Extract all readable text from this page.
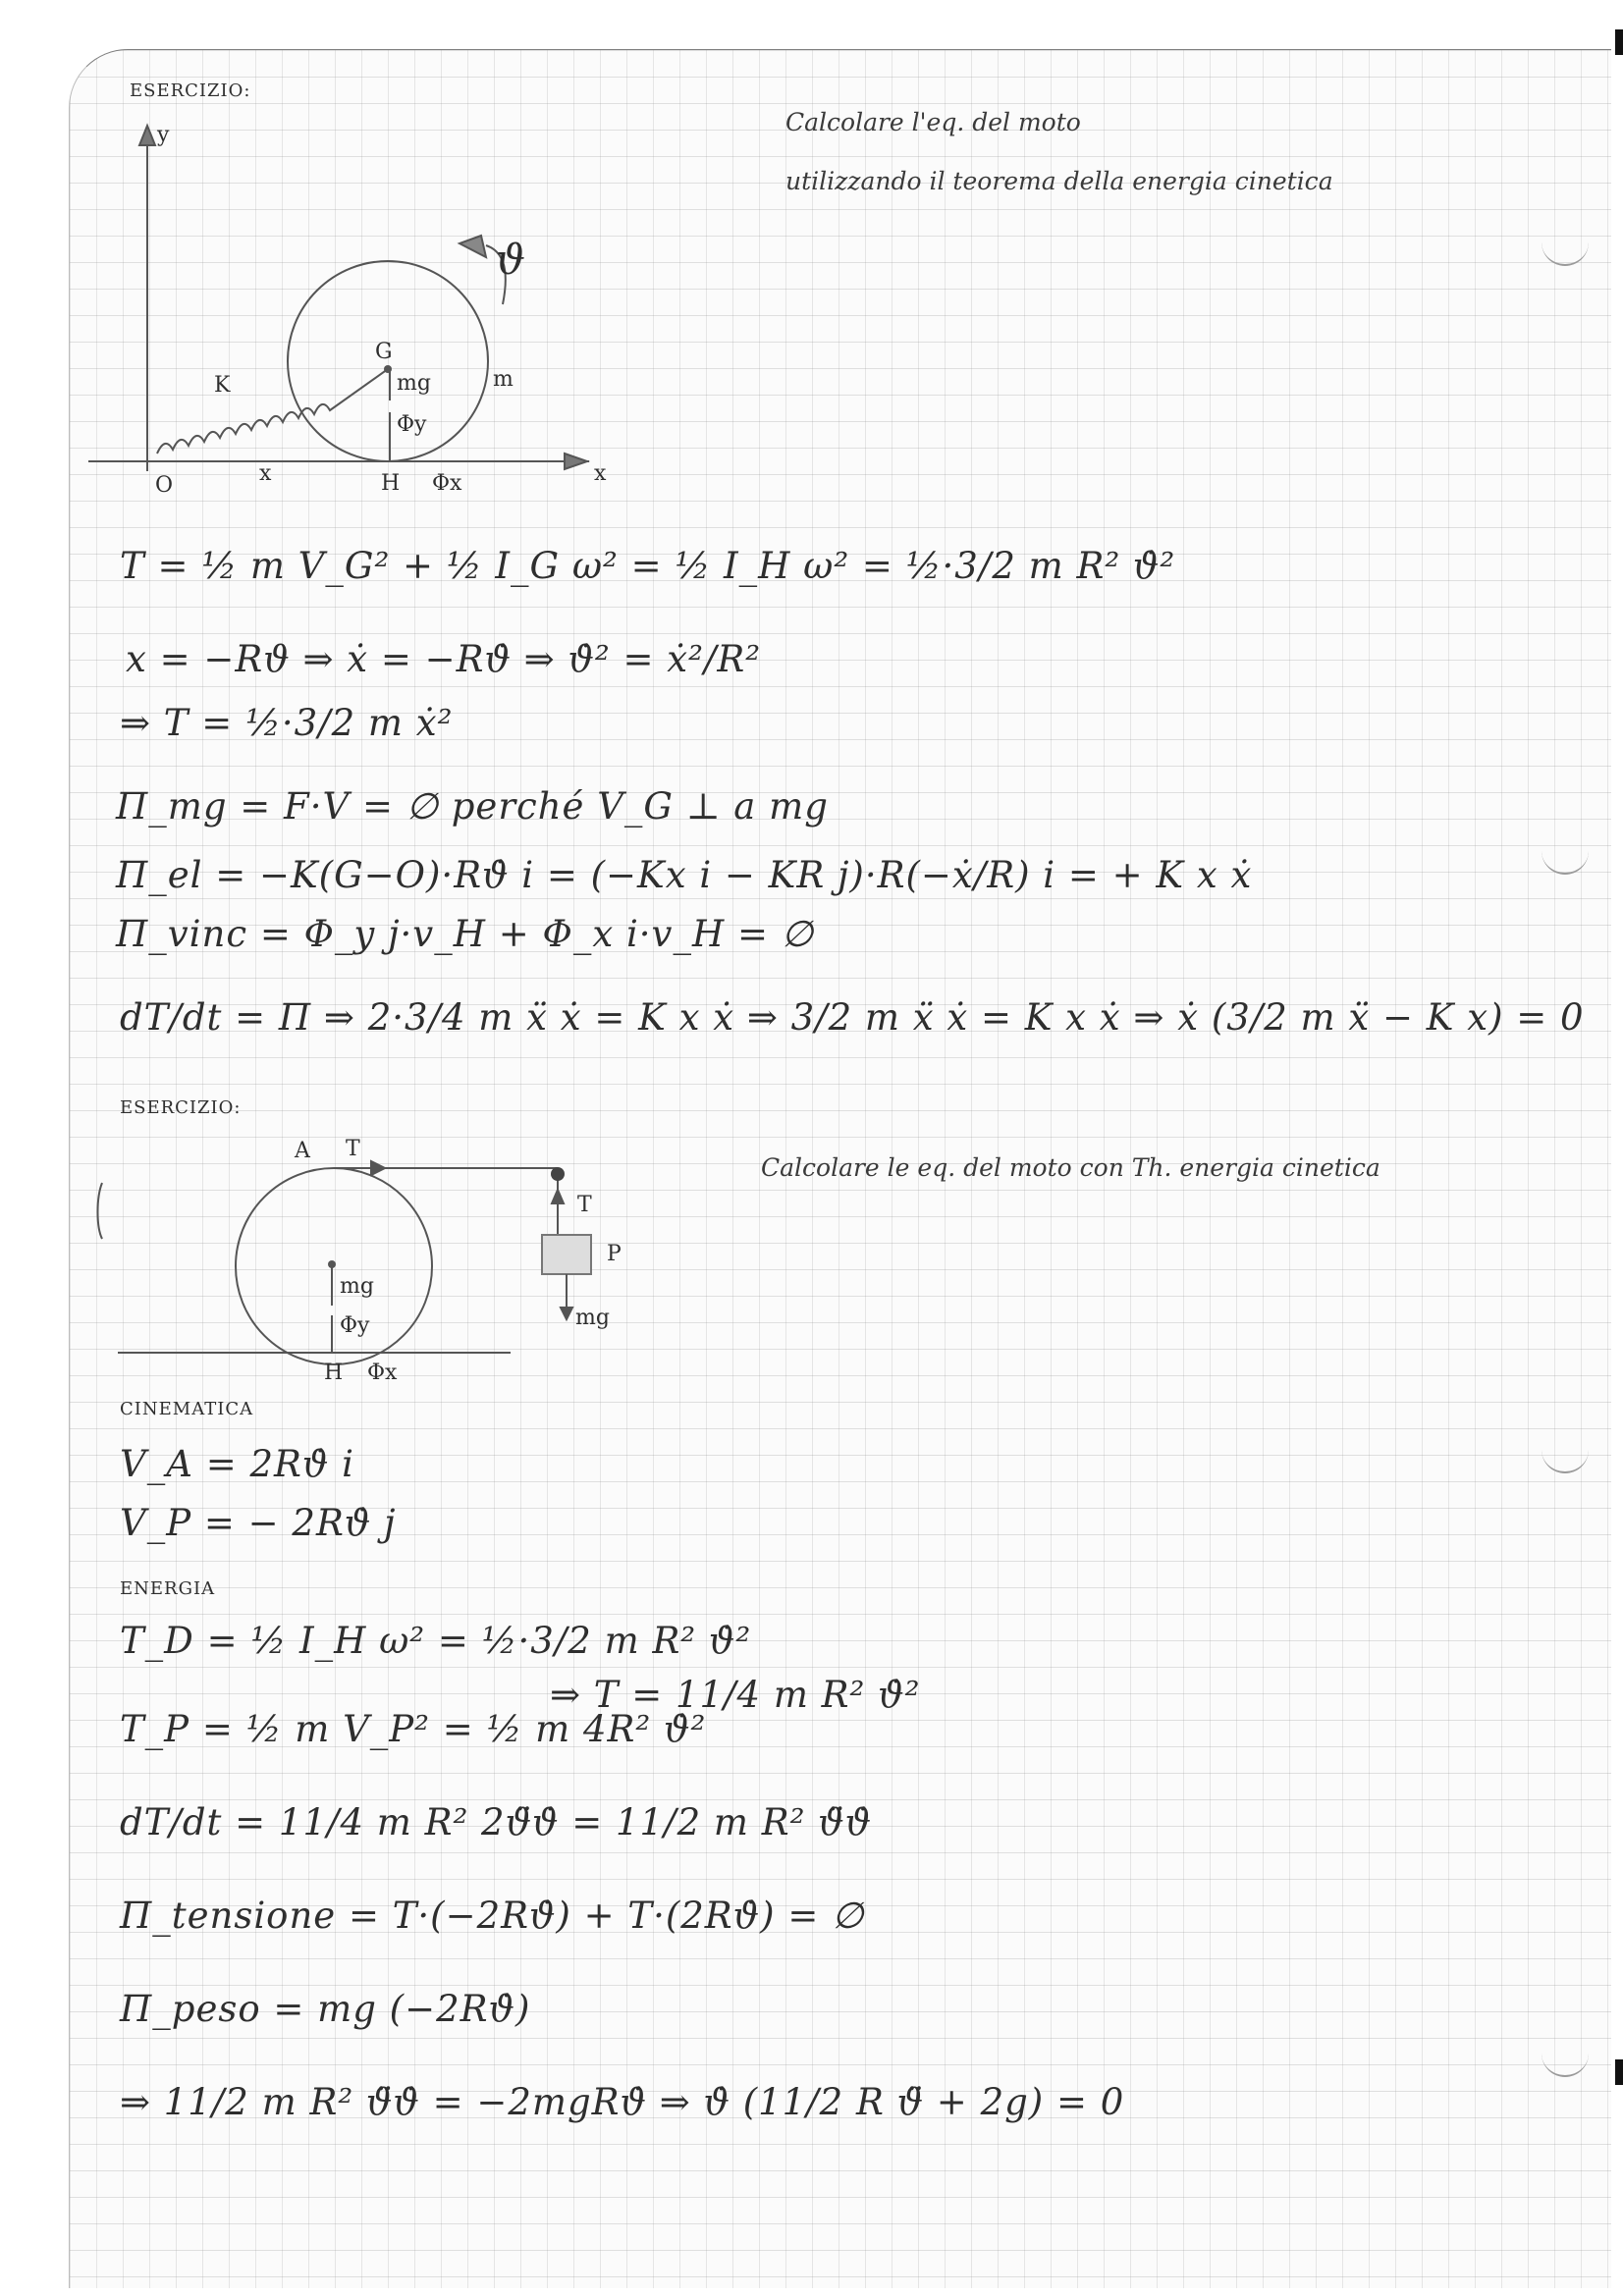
ESERCIZIO:
Calcolare l'eq. del moto
utilizzando il teorema della energia cinetica
y
x
O	x
K
G
mg	m
Φy
H Φx
ϑ
T = ½ m V_G² + ½ I_G ω² = ½ I_H ω² = ½·3/2 m R² ϑ̇²
x = −Rϑ ⇒ ẋ = −Rϑ̇ ⇒ ϑ̇² = ẋ²/R²
⇒ T = ½·3/2 m ẋ²
Π_mg = F·V = ∅ perché V_G ⊥ a mg
Π_el = −K(G−O)·Rϑ̇ i = (−Kx i − KR j)·R(−ẋ/R) i = + K x ẋ
Π_vinc = Φ_y j·v_H + Φ_x i·v_H = ∅
dT/dt = Π ⇒ 2·3/4 m ẍ ẋ = K x ẋ ⇒ 3/2 m ẍ ẋ = K x ẋ ⇒ ẋ (3/2 m ẍ − K x) = 0
ESERCIZIO:
Calcolare le eq. del moto con Th. energia cinetica
A T
T
P
mg
mg
Φy
H Φx
CINEMATICA
V_A = 2Rϑ̇ i
V_P = − 2Rϑ̇ j
ENERGIA
T_D = ½ I_H ω² = ½·3/2 m R² ϑ̇²
T_P = ½ m V_P² = ½ m 4R² ϑ̇²
⇒ T = 11/4 m R² ϑ̇²
dT/dt = 11/4 m R² 2ϑ̈ϑ̇ = 11/2 m R² ϑ̈ϑ̇
Π_tensione = T·(−2Rϑ̇) + T·(2Rϑ̇) = ∅
Π_peso = mg (−2Rϑ̇)
⇒ 11/2 m R² ϑ̈ϑ̇ = −2mgRϑ̇ ⇒ ϑ̇ (11/2 R ϑ̈ + 2g) = 0
